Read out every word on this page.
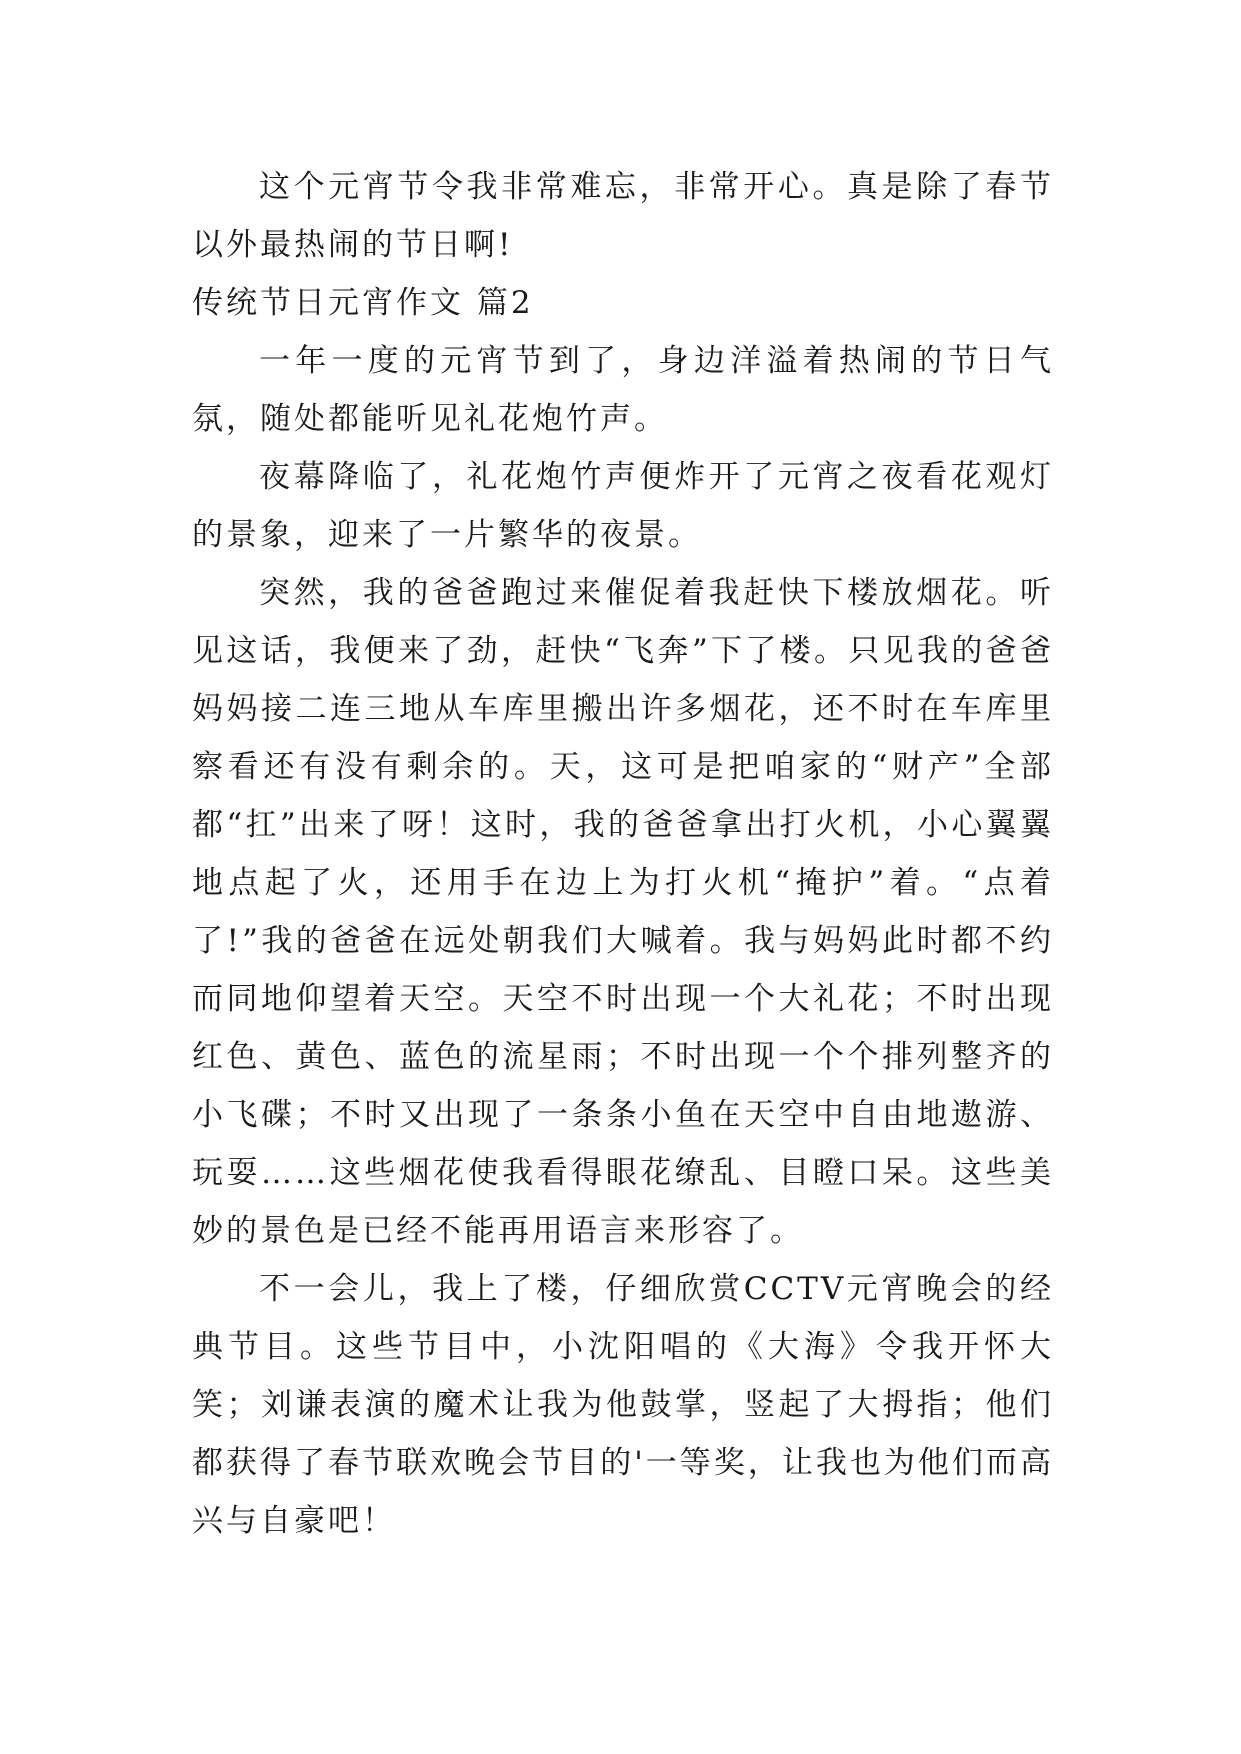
这个元宵节令我非常难忘，非常开心。真是除了春节以外最热闹的节日啊!

传统节日元宵作文 篇2

一年一度的元宵节到了，身边洋溢着热闹的节日气氛，随处都能听见礼花炮竹声。

夜幕降临了，礼花炮竹声便炸开了元宵之夜看花观灯的景象，迎来了一片繁华的夜景。

突然，我的爸爸跑过来催促着我赶快下楼放烟花。听见这话，我便来了劲，赶快“飞奔”下了楼。只见我的爸爸妈妈接二连三地从车库里搬出许多烟花，还不时在车库里察看还有没有剩余的。天，这可是把咱家的“财产”全部都“扛”出来了呀！这时，我的爸爸拿出打火机，小心翼翼地点起了火，还用手在边上为打火机“掩护”着。“点着了!”我的爸爸在远处朝我们大喊着。我与妈妈此时都不约而同地仰望着天空。天空不时出现一个大礼花；不时出现红色、黄色、蓝色的流星雨；不时出现一个个排列整齐的小飞碟；不时又出现了一条条小鱼在天空中自由地遨游、玩耍……这些烟花使我看得眼花缭乱、目瞪口呆。这些美妙的景色是已经不能再用语言来形容了。

不一会儿，我上了楼，仔细欣赏CCTV元宵晚会的经典节目。这些节目中，小沈阳唱的《大海》令我开怀大笑；刘谦表演的魔术让我为他鼓掌，竖起了大拇指；他们都获得了春节联欢晚会节目的'一等奖，让我也为他们而高兴与自豪吧！
